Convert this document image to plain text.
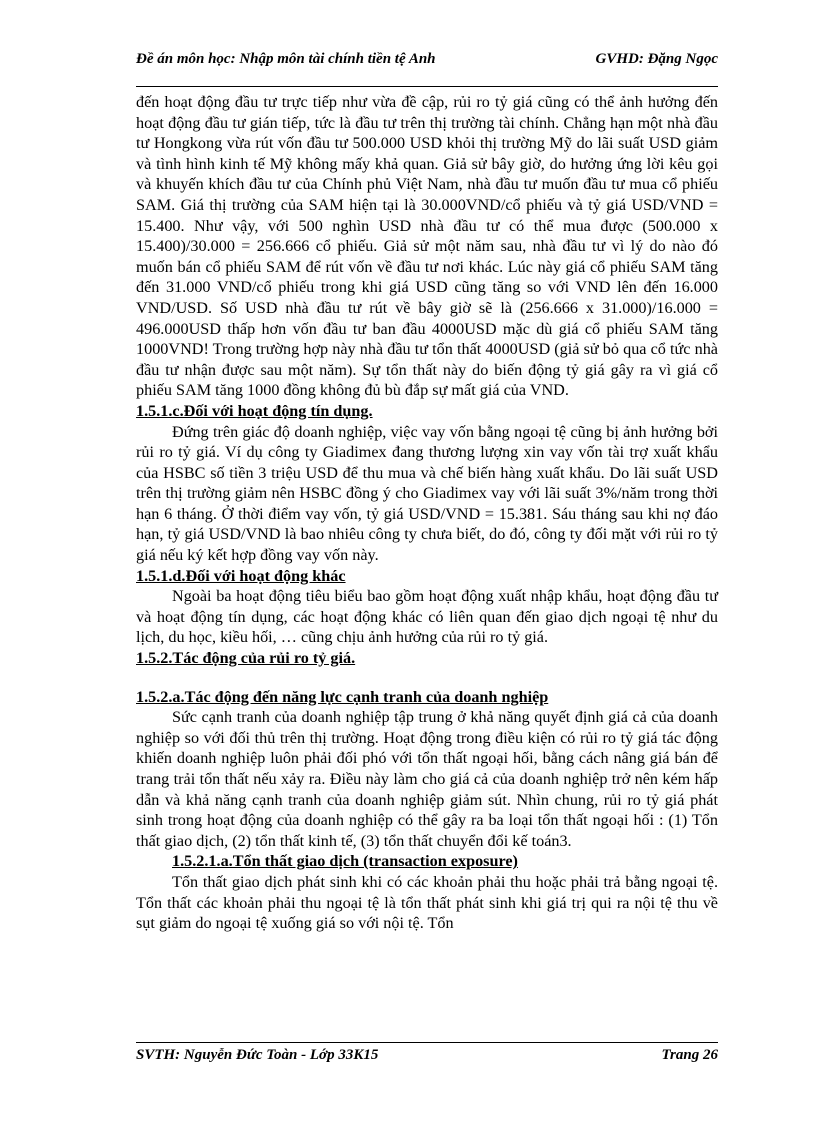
Đề án môn học: Nhập môn tài chính tiền tệ Anh	GVHD: Đặng Ngọc

đến hoạt động đầu tư trực tiếp như vừa đề cập, rủi ro tỷ giá cũng có thể ảnh hưởng đến hoạt động đầu tư gián tiếp, tức là đầu tư trên thị trường tài chính. Chẳng hạn một nhà đầu tư Hongkong vừa rút vốn đầu tư 500.000 USD khỏi thị trường Mỹ do lãi suất USD giảm và tình hình kinh tế Mỹ không mấy khả quan. Giả sử bây giờ, do hưởng ứng lời kêu gọi và khuyến khích đầu tư của Chính phủ Việt Nam, nhà đầu tư muốn đầu tư mua cổ phiếu SAM. Giá thị trường của SAM hiện tại là 30.000VND/cổ phiếu và tỷ giá USD/VND = 15.400. Như vậy, với 500 nghìn USD nhà đầu tư có thể mua được (500.000 x 15.400)/30.000 = 256.666 cổ phiếu. Giả sử một năm sau, nhà đầu tư vì lý do nào đó muốn bán cổ phiếu SAM để rút vốn về đầu tư nơi khác. Lúc này giá cổ phiếu SAM tăng đến 31.000 VND/cổ phiếu trong khi giá USD cũng tăng so với VND lên đến 16.000 VND/USD. Số USD nhà đầu tư rút về bây giờ sẽ là (256.666 x 31.000)/16.000 = 496.000USD thấp hơn vốn đầu tư ban đầu 4000USD mặc dù giá cổ phiếu SAM tăng 1000VND! Trong trường hợp này nhà đầu tư tổn thất 4000USD (giả sử bỏ qua cổ tức nhà đầu tư nhận được sau một năm). Sự tổn thất này do biến động tỷ giá gây ra vì giá cổ phiếu SAM tăng 1000 đồng không đủ bù đắp sự mất giá của VND.

1.5.1.c.Đối với hoạt động tín dụng.

Đứng trên giác độ doanh nghiệp, việc vay vốn bằng ngoại tệ cũng bị ảnh hưởng bởi rủi ro tỷ giá. Ví dụ công ty Giadimex đang thương lượng xin vay vốn tài trợ xuất khẩu của HSBC số tiền 3 triệu USD để thu mua và chế biến hàng xuất khẩu. Do lãi suất USD trên thị trường giảm nên HSBC đồng ý cho Giadimex vay với lãi suất 3%/năm trong thời hạn 6 tháng. Ở thời điểm vay vốn, tỷ giá USD/VND = 15.381. Sáu tháng sau khi nợ đáo hạn, tỷ giá USD/VND là bao nhiêu công ty chưa biết, do đó, công ty đối mặt với rủi ro tỷ giá nếu ký kết hợp đồng vay vốn này.

1.5.1.d.Đối với hoạt động khác

Ngoài ba hoạt động tiêu biểu bao gồm hoạt động xuất nhập khẩu, hoạt động đầu tư và hoạt động tín dụng, các hoạt động khác có liên quan đến giao dịch ngoại tệ như du lịch, du học, kiều hối, … cũng chịu ảnh hưởng của rủi ro tỷ giá.

1.5.2.Tác động của rủi ro tỷ giá.

1.5.2.a.Tác động đến năng lực cạnh tranh của doanh nghiệp

Sức cạnh tranh của doanh nghiệp tập trung ở khả năng quyết định giá cả của doanh nghiệp so với đối thủ trên thị trường. Hoạt động trong điều kiện có rủi ro tỷ giá tác động khiến doanh nghiệp luôn phải đối phó với tổn thất ngoại hối, bằng cách nâng giá bán để trang trải tổn thất nếu xảy ra. Điều này làm cho giá cả của doanh nghiệp trở nên kém hấp dẫn và khả năng cạnh tranh của doanh nghiệp giảm sút. Nhìn chung, rủi ro tỷ giá phát sinh trong hoạt động của doanh nghiệp có thể gây ra ba loại tổn thất ngoại hối : (1) Tổn thất giao dịch, (2) tổn thất kinh tế, (3) tổn thất chuyển đổi kế toán3.

1.5.2.1.a.Tổn thất giao dịch (transaction exposure)

Tổn thất giao dịch phát sinh khi có các khoản phải thu hoặc phải trả bằng ngoại tệ. Tổn thất các khoản phải thu ngoại tệ là tổn thất phát sinh khi giá trị qui ra nội tệ thu về sụt giảm do ngoại tệ xuống giá so với nội tệ. Tổn

SVTH: Nguyễn Đức Toàn - Lớp 33K15	Trang 26
